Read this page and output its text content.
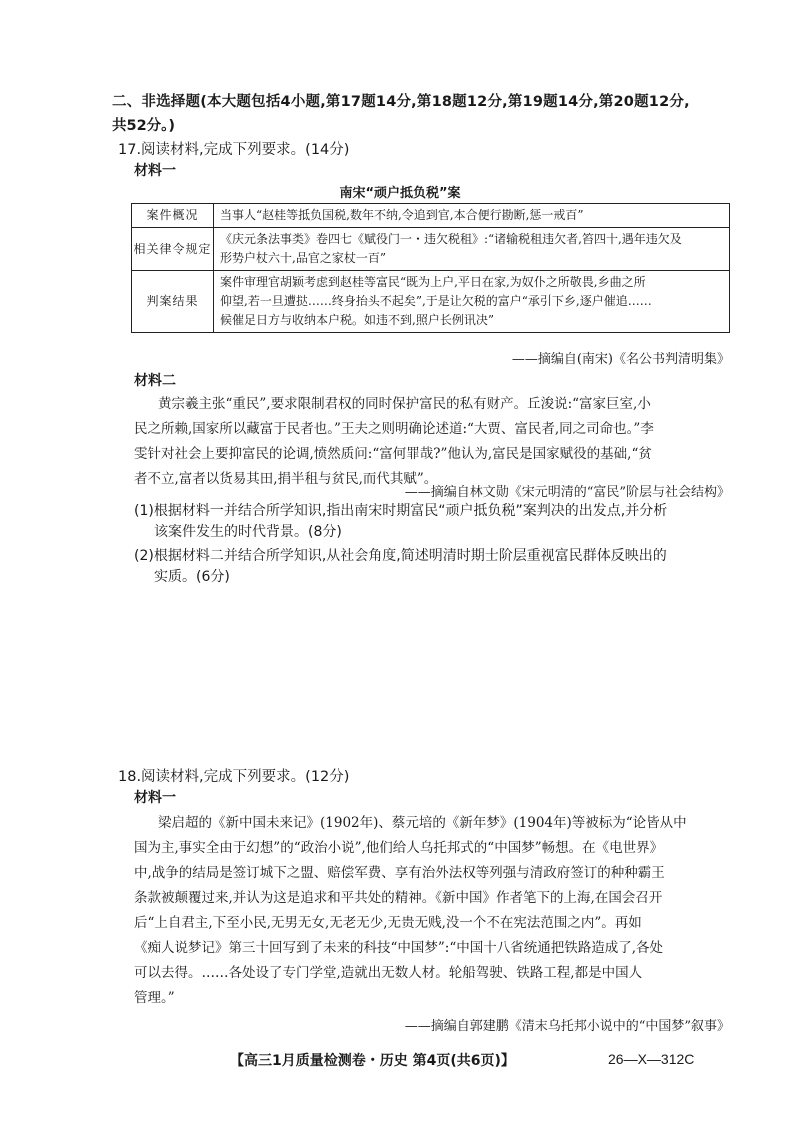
二、非选择题(本大题包括4小题,第17题14分,第18题12分,第19题14分,第20题12分,
共52分。)
17.阅读材料,完成下列要求。(14分)
材料一
南宋“顽户抵负税”案
案件概况	当事人“赵桂等抵负国税,数年不纳,令追到官,本合便行勘断,惩一戒百”

相关律令规定	《庆元条法事类》卷四七《赋役门一・违欠税租》:“诸输税租违欠者,笞四十,遇年违欠及
形势户杖六十,品官之家杖一百”

判案结果	案件审理官胡颖考虑到赵桂等富民“既为上户,平日在家,为奴仆之所敬畏,乡曲之所
仰望,若一旦遭挞……终身抬头不起矣”,于是让欠税的富户“承引下乡,逐户催追……
候催足日方与收纳本户税。如违不到,照户长例讯决”
——摘编自(南宋)《名公书判清明集》
材料二
黄宗羲主张“重民”,要求限制君权的同时保护富民的私有财产。丘浚说:“富家巨室,小
民之所赖,国家所以藏富于民者也。”王夫之则明确论述道:“大贾、富民者,同之司命也。”李
雯针对社会上要抑富民的论调,愤然质问:“富何罪哉?”他认为,富民是国家赋役的基础,“贫
者不立,富者以货易其田,捐半租与贫民,而代其赋”。
——摘编自林文勋《宋元明清的“富民”阶层与社会结构》
(1)根据材料一并结合所学知识,指出南宋时期富民“顽户抵负税”案判决的出发点,并分析
该案件发生的时代背景。(8分)
(2)根据材料二并结合所学知识,从社会角度,简述明清时期士阶层重视富民群体反映出的
实质。(6分)
18.阅读材料,完成下列要求。(12分)
材料一
梁启超的《新中国未来记》(1902年)、蔡元培的《新年梦》(1904年)等被标为“论皆从中
国为主,事实全由于幻想”的“政治小说”,他们给人乌托邦式的“中国梦”畅想。在《电世界》
中,战争的结局是签订城下之盟、赔偿军费、享有治外法权等列强与清政府签订的种种霸王
条款被颠覆过来,并认为这是追求和平共处的精神。《新中国》作者笔下的上海,在国会召开
后“上自君主,下至小民,无男无女,无老无少,无贵无贱,没一个不在宪法范围之内”。再如
《痴人说梦记》第三十回写到了未来的科技“中国梦”:“中国十八省统通把铁路造成了,各处
可以去得。……各处设了专门学堂,造就出无数人材。轮船驾驶、铁路工程,都是中国人
管理。”
——摘编自郭建鹏《清末乌托邦小说中的“中国梦”叙事》
【高三1月质量检测卷・历史 第4页(共6页)】	26—X—312C
